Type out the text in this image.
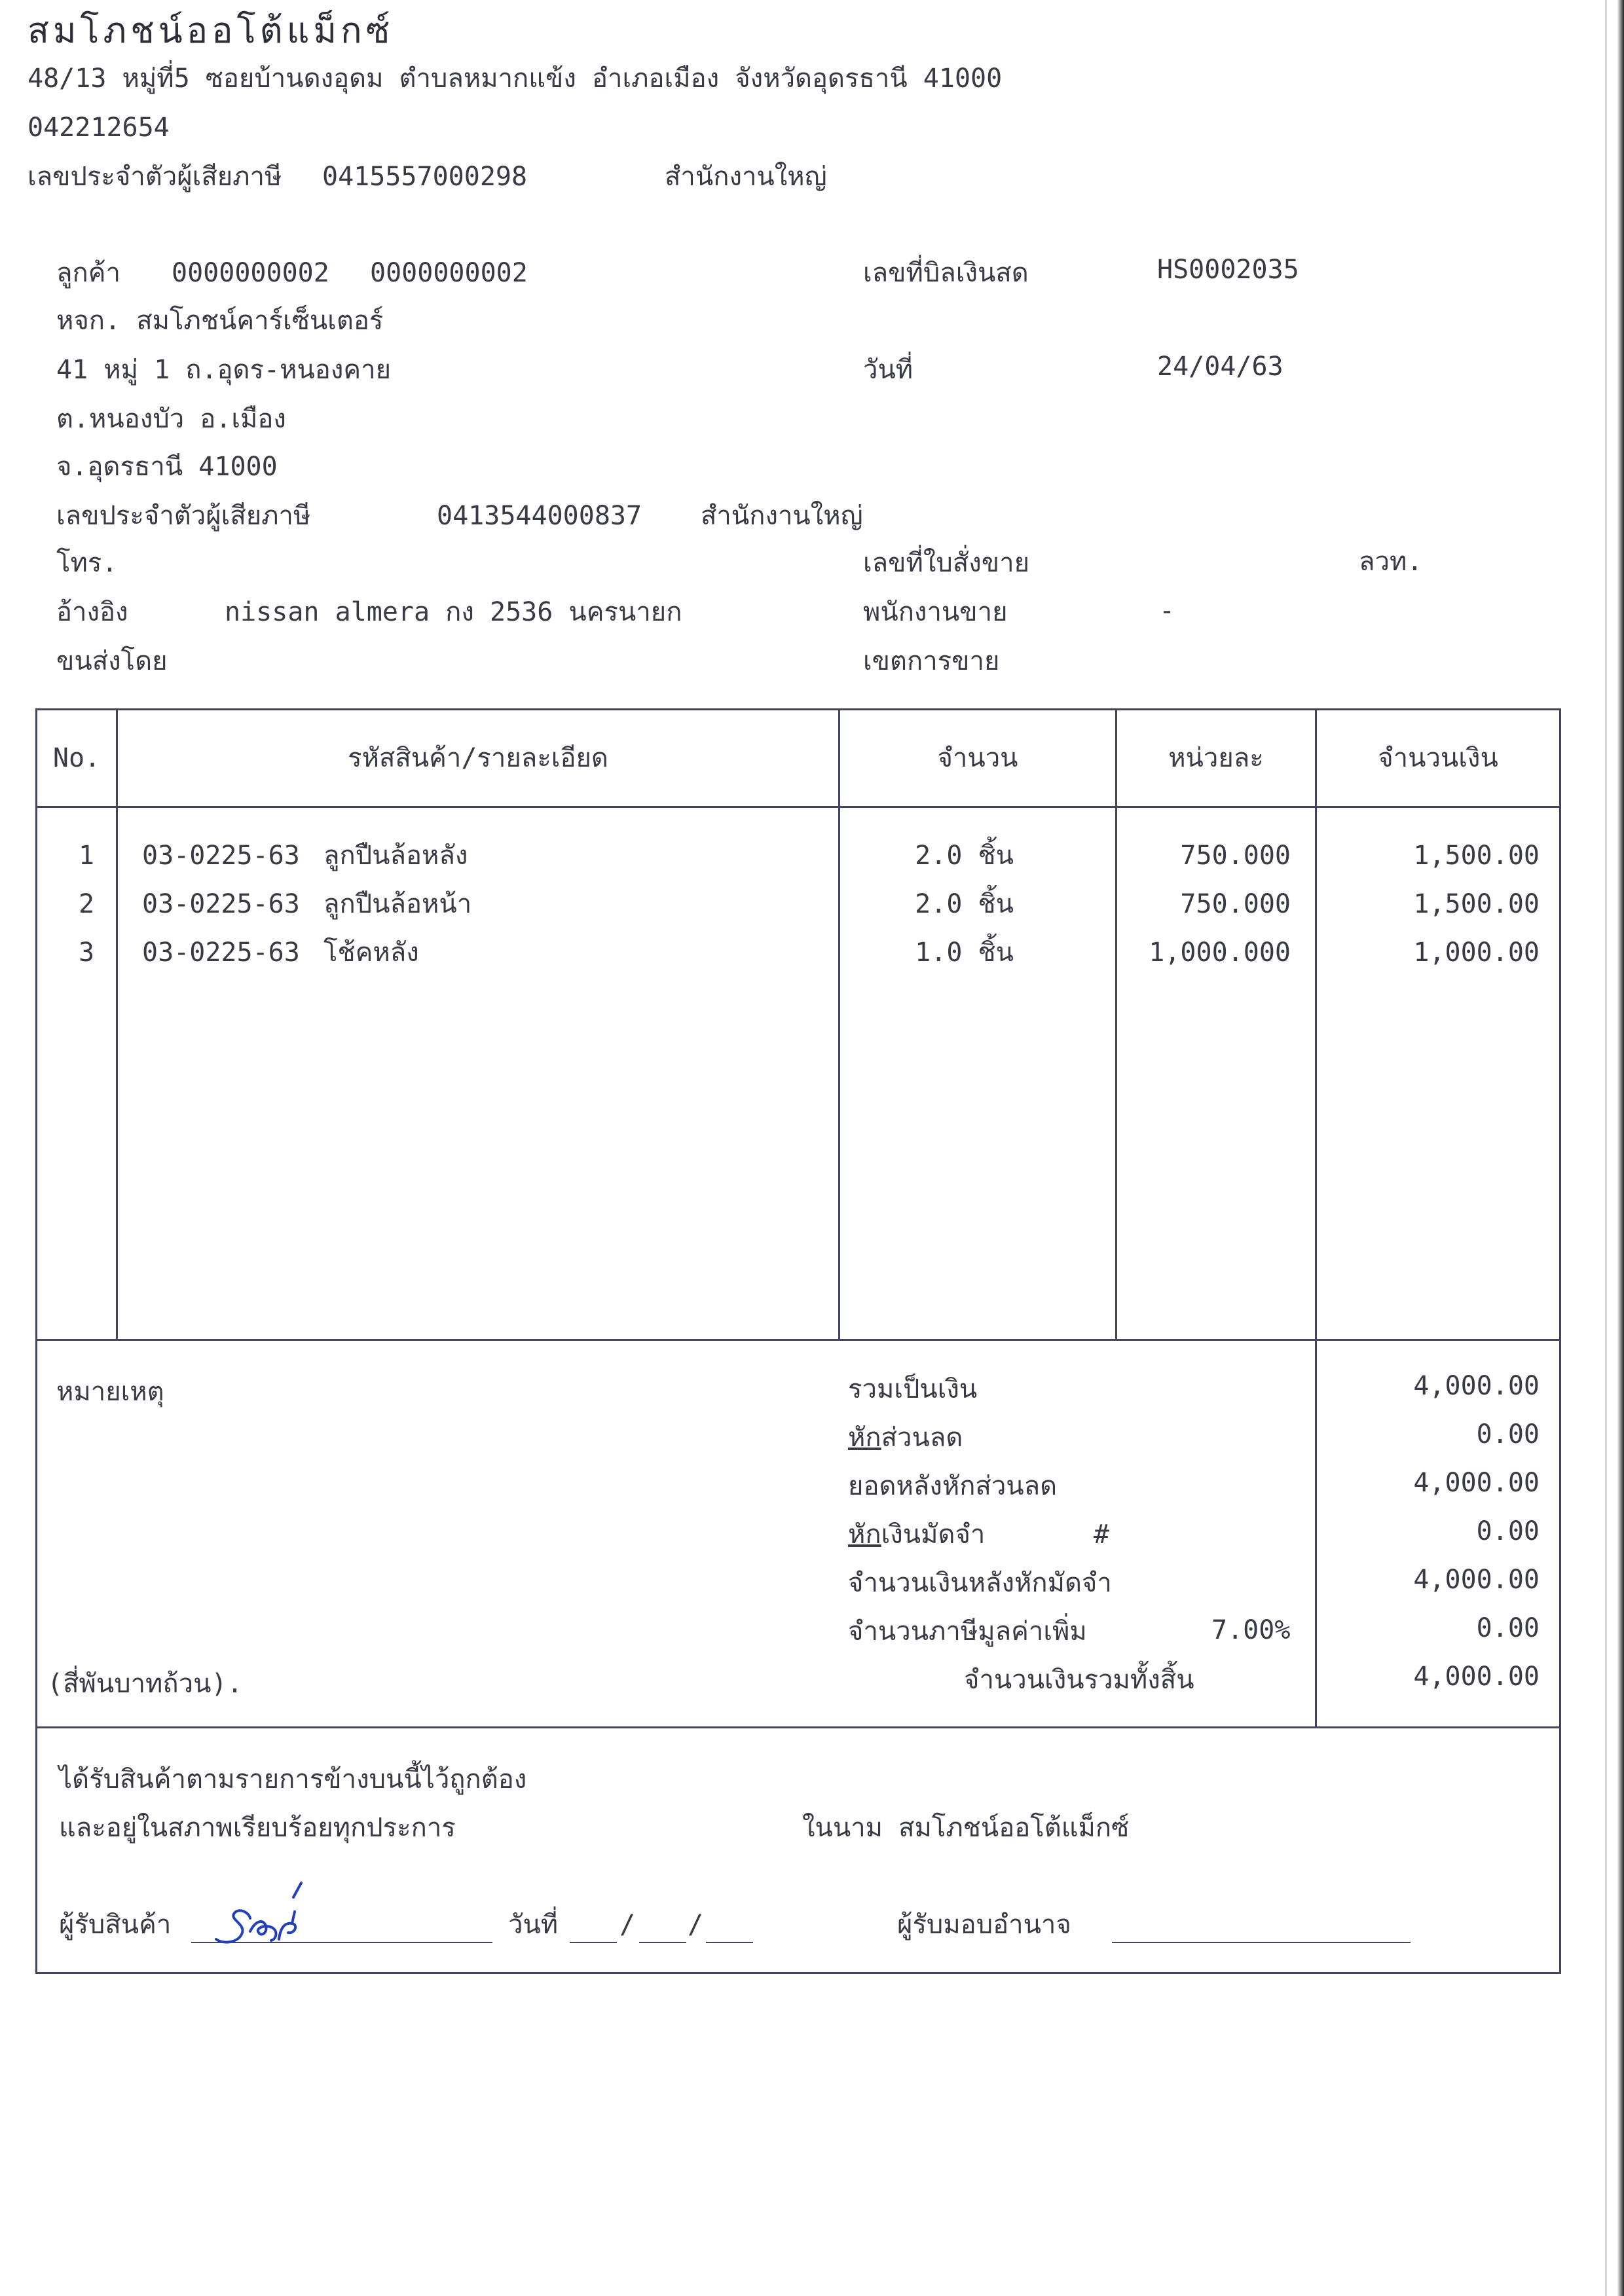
สมโภชน์ออโต้แม็กซ์
48/13 หมู่ที่5 ซอยบ้านดงอุดม ตำบลหมากแข้ง อำเภอเมือง จังหวัดอุดรธานี 41000
042212654
เลขประจำตัวผู้เสียภาษี 0415557000298	สำนักงานใหญ่
ลูกค้า 0000000002 0000000002
หจก. สมโภชน์คาร์เซ็นเตอร์
41 หมู่ 1 ถ.อุดร-หนองคาย
ต.หนองบัว อ.เมือง
จ.อุดรธานี 41000
เลขประจำตัวผู้เสียภาษี	0413544000837 สำนักงานใหญ่
โทร.
อ้างอิง	nissan almera กง 2536 นครนายก
ขนส่งโดย
เลขที่บิลเงินสด	HS0002035
วันที่	24/04/63
เลขที่ใบสั่งขาย	ลวท.
พนักงานขาย	-
เขตการขาย
No.	รหัสสินค้า/รายละเอียด	จำนวน	หน่วยละ	จำนวนเงิน
1	03-0225-63 ลูกปืนล้อหลัง	2.0 ชิ้น	750.000	1,500.00
2	03-0225-63 ลูกปืนล้อหน้า	2.0 ชิ้น	750.000	1,500.00
3	03-0225-63 โช้คหลัง	1.0 ชิ้น	1,000.000	1,000.00
หมายเหตุ
(สี่พันบาทถ้วน).
รวมเป็นเงิน	4,000.00
หักส่วนลด	0.00
ยอดหลังหักส่วนลด	4,000.00
หักเงินมัดจำ	#	0.00
จำนวนเงินหลังหักมัดจำ	4,000.00
จำนวนภาษีมูลค่าเพิ่ม	7.00%	0.00
จำนวนเงินรวมทั้งสิ้น	4,000.00
ได้รับสินค้าตามรายการข้างบนนี้ไว้ถูกต้อง
และอยู่ในสภาพเรียบร้อยทุกประการ	ในนาม สมโภชน์ออโต้แม็กซ์
ผู้รับสินค้า	วันที่ / /	ผู้รับมอบอำนาจ
